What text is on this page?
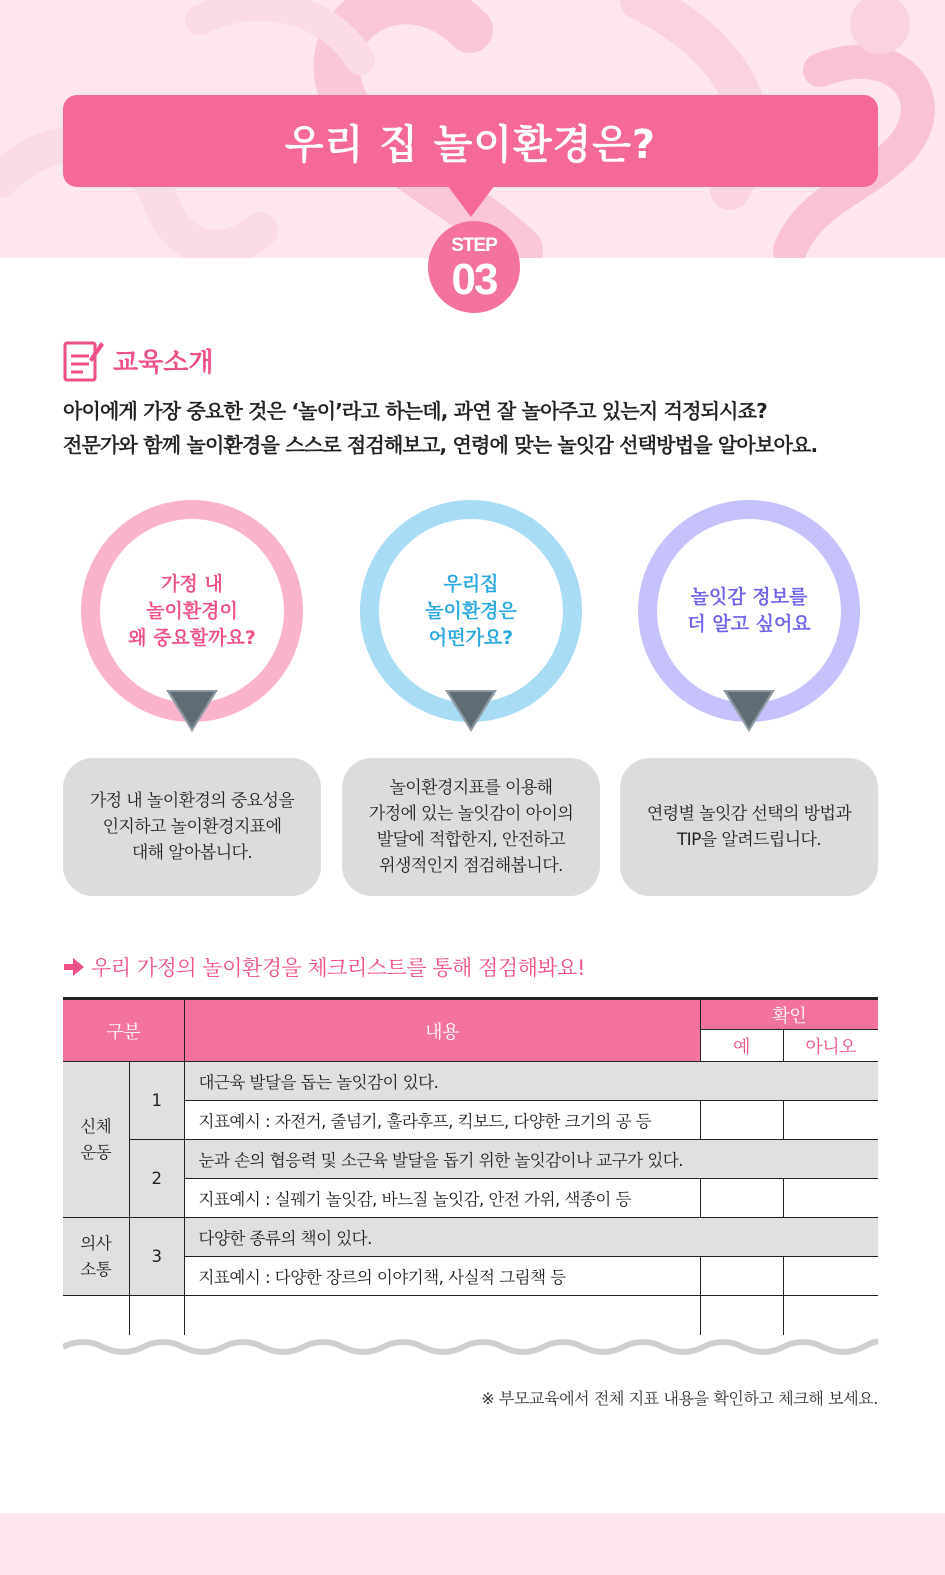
우리 집 놀이환경은?
STEP
03
교육소개
아이에게 가장 중요한 것은 ‘놀이’라고 하는데, 과연 잘 놀아주고 있는지 걱정되시죠?
전문가와 함께 놀이환경을 스스로 점검해보고, 연령에 맞는 놀잇감 선택방법을 알아보아요.
가정 내
놀이환경이
왜 중요할까요?
가정 내 놀이환경의 중요성을
인지하고 놀이환경지표에
대해 알아봅니다.
우리집
놀이환경은
어떤가요?
놀이환경지표를 이용해
가정에 있는 놀잇감이 아이의
발달에 적합한지, 안전하고
위생적인지 점검해봅니다.
놀잇감 정보를
더 알고 싶어요
연령별 놀잇감 선택의 방법과
TIP을 알려드립니다.
우리 가정의 놀이환경을 체크리스트를 통해 점검해봐요!
구분		내용	확인	
			예	아니오
신체
운동	1	대근육 발달을 돕는 놀잇감이 있다.		
		지표예시 : 자전거, 줄넘기, 훌라후프, 킥보드, 다양한 크기의 공 등		
	2	눈과 손의 협응력 및 소근육 발달을 돕기 위한 놀잇감이나 교구가 있다.		
		지표예시 : 실꿰기 놀잇감, 바느질 놀잇감, 안전 가위, 색종이 등		
의사
소통	3	다양한 종류의 책이 있다.		
		지표예시 : 다양한 장르의 이야기책, 사실적 그림책 등		

※ 부모교육에서 전체 지표 내용을 확인하고 체크해 보세요.
